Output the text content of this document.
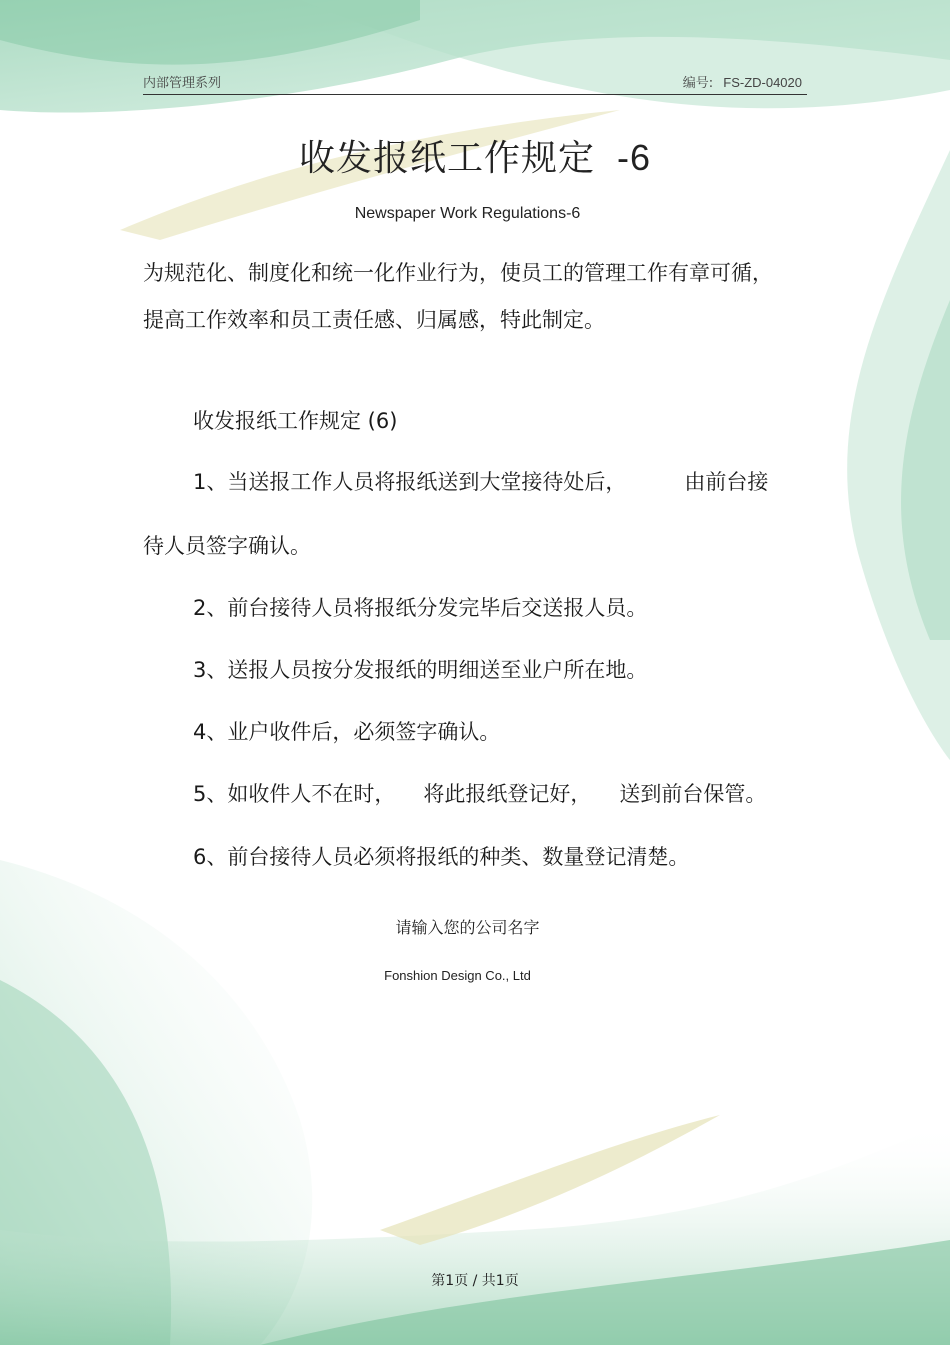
内部管理系列	编号: FS-ZD-04020
收发报纸工作规定 -6
Newspaper Work Regulations-6
为规范化、制度化和统一化作业行为，使员工的管理工作有章可循，提高工作效率和员工责任感、归属感，特此制定。
收发报纸工作规定 (6)
1、当送报工作人员将报纸送到大堂接待处后，	由前台接
待人员签字确认。
2、前台接待人员将报纸分发完毕后交送报人员。
3、送报人员按分发报纸的明细送至业户所在地。
4、业户收件后，必须签字确认。
5、如收件人不在时， 将此报纸登记好， 送到前台保管。
6、前台接待人员必须将报纸的种类、数量登记清楚。
请输入您的公司名字
Fonshion Design Co., Ltd
第1页 / 共1页
